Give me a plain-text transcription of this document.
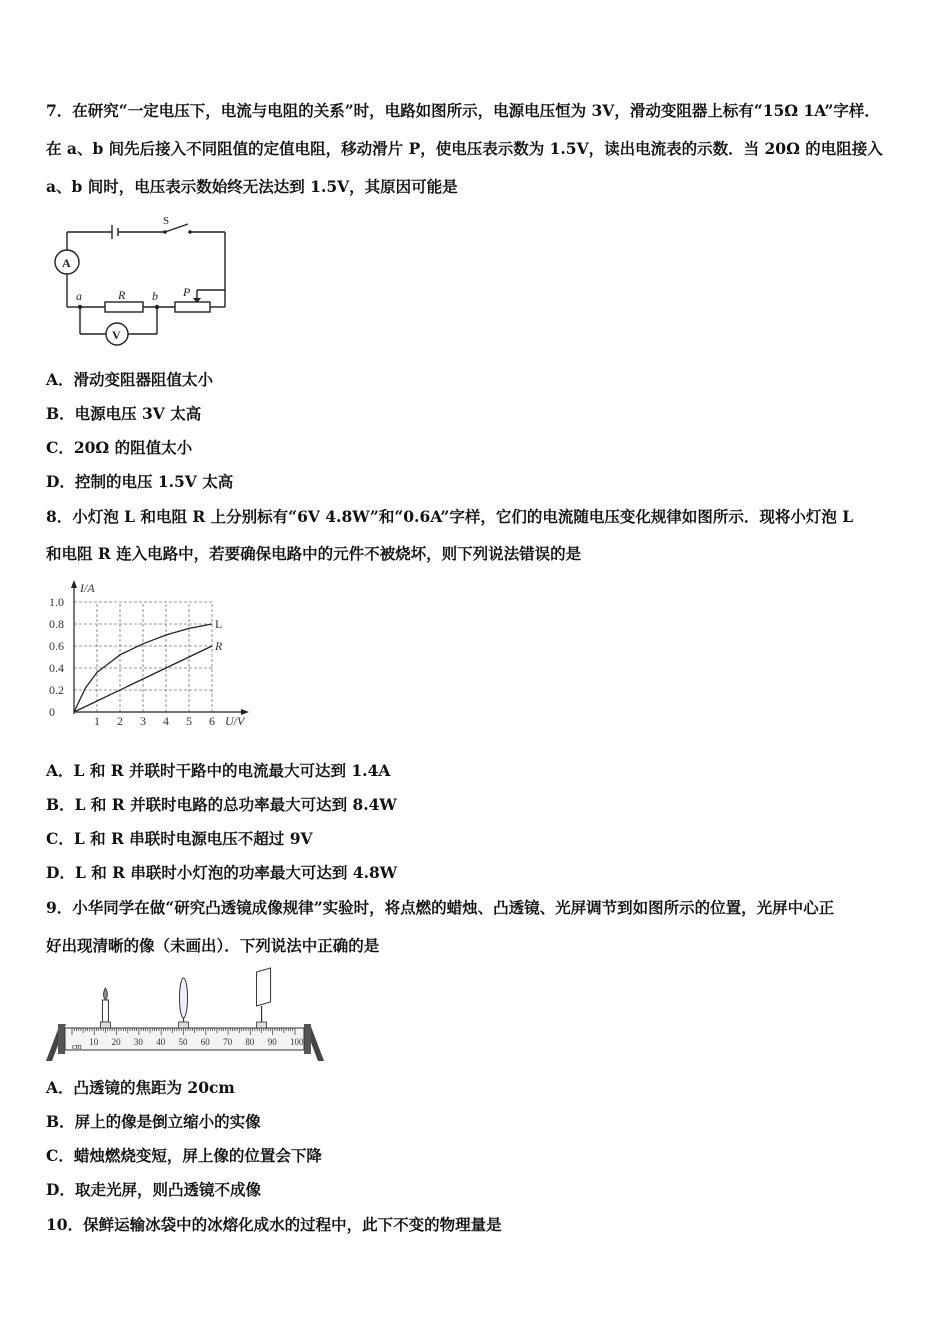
7．在研究“一定电压下，电流与电阻的关系”时，电路如图所示，电源电压恒为 3V，滑动变阻器上标有“15Ω 1A”字样．
在 a、b 间先后接入不同阻值的定值电阻，移动滑片 P，使电压表示数为 1.5V，读出电流表的示数．当 20Ω 的电阻接入
a、b 间时，电压表示数始终无法达到 1.5V，其原因可能是
A
V
S
a	b
R	P
A．滑动变阻器阻值太小
B．电源电压 3V 太高
C．20Ω 的阻值太小
D．控制的电压 1.5V 太高
8．小灯泡 L 和电阻 R 上分别标有“6V 4.8W”和“0.6A”字样，它们的电流随电压变化规律如图所示．现将小灯泡 L
和电阻 R 连入电路中，若要确保电路中的元件不被烧坏，则下列说法错误的是
1 2 3 4 5 6
0
0.2
0.4
0.6
0.8
1.0
L
R
I/A
U/V
A．L 和 R 并联时干路中的电流最大可达到 1.4A
B．L 和 R 并联时电路的总功率最大可达到 8.4W
C．L 和 R 串联时电源电压不超过 9V
D．L 和 R 串联时小灯泡的功率最大可达到 4.8W
9．小华同学在做“研究凸透镜成像规律”实验时，将点燃的蜡烛、凸透镜、光屏调节到如图所示的位置，光屏中心正
好出现清晰的像（未画出）．下列说法中正确的是
10 20 30 40 50 60 70 80 90 100
cm
A．凸透镜的焦距为 20cm
B．屏上的像是倒立缩小的实像
C．蜡烛燃烧变短，屏上像的位置会下降
D．取走光屏，则凸透镜不成像
10．保鲜运输冰袋中的冰熔化成水的过程中，此下不变的物理量是
